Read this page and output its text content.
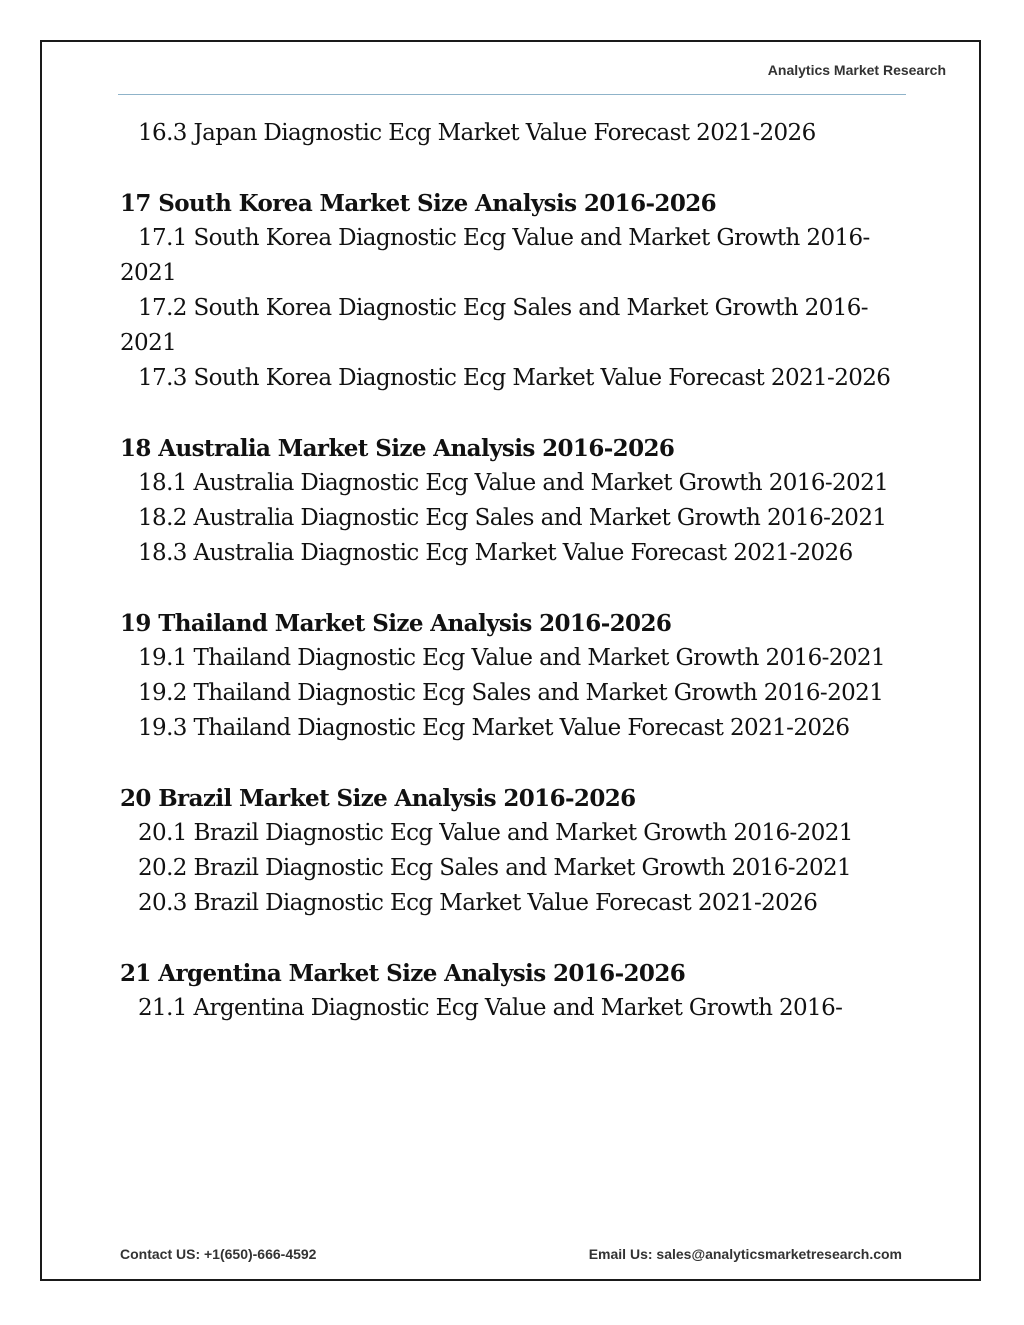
Analytics Market Research
16.3 Japan Diagnostic Ecg Market Value Forecast 2021-2026
17 South Korea Market Size Analysis 2016-2026
17.1 South Korea Diagnostic Ecg Value and Market Growth 2016-2021
17.2 South Korea Diagnostic Ecg Sales and Market Growth 2016-2021
17.3 South Korea Diagnostic Ecg Market Value Forecast 2021-2026
18 Australia Market Size Analysis 2016-2026
18.1 Australia Diagnostic Ecg Value and Market Growth 2016-2021
18.2 Australia Diagnostic Ecg Sales and Market Growth 2016-2021
18.3 Australia Diagnostic Ecg Market Value Forecast 2021-2026
19 Thailand Market Size Analysis 2016-2026
19.1 Thailand Diagnostic Ecg Value and Market Growth 2016-2021
19.2 Thailand Diagnostic Ecg Sales and Market Growth 2016-2021
19.3 Thailand Diagnostic Ecg Market Value Forecast 2021-2026
20 Brazil Market Size Analysis 2016-2026
20.1 Brazil Diagnostic Ecg Value and Market Growth 2016-2021
20.2 Brazil Diagnostic Ecg Sales and Market Growth 2016-2021
20.3 Brazil Diagnostic Ecg Market Value Forecast 2021-2026
21 Argentina Market Size Analysis 2016-2026
21.1 Argentina Diagnostic Ecg Value and Market Growth 2016-
Contact US: +1(650)-666-4592	Email Us: sales@analyticsmarketresearch.com
